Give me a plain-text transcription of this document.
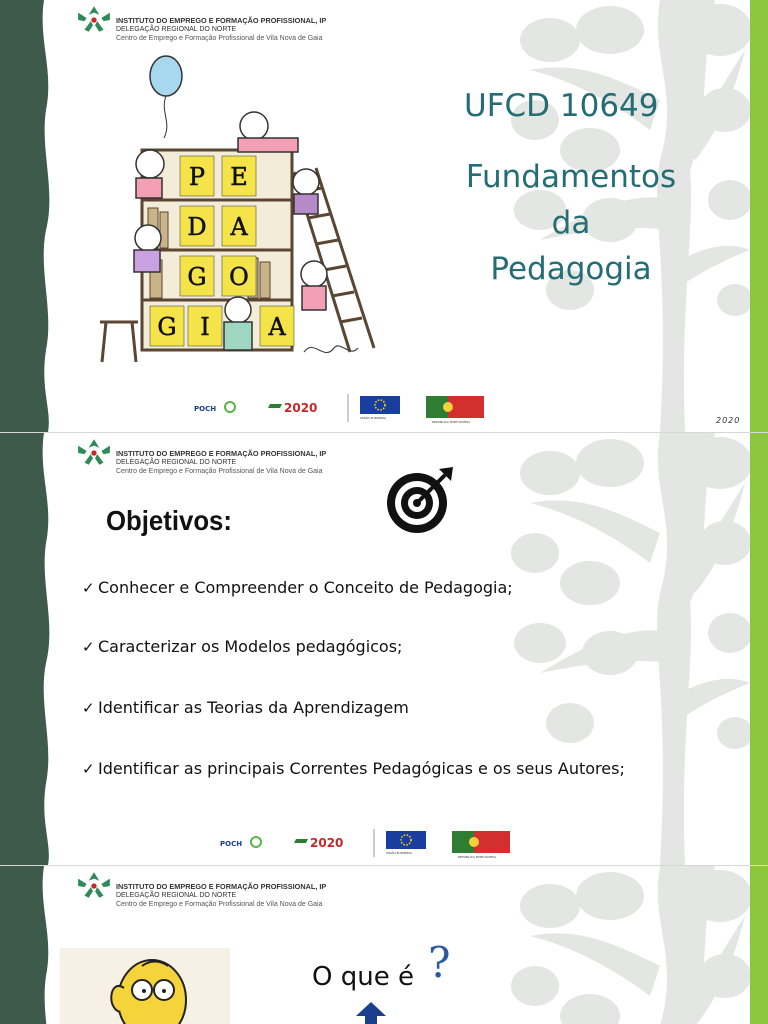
INSTITUTO DO EMPREGO E FORMAÇÃO PROFISSIONAL, IP
DELEGAÇÃO REGIONAL DO NORTE
Centro de Emprego e Formação Profissional de Vila Nova de Gaia
P E
D A
G O
G I A
UFCD 10649
Fundamentos
da
Pedagogia
2020
POCH	2020
UNIÃO EUROPEIA
REPÚBLICA PORTUGUESA
INSTITUTO DO EMPREGO E FORMAÇÃO PROFISSIONAL, IP
DELEGAÇÃO REGIONAL DO NORTE
Centro de Emprego e Formação Profissional de Vila Nova de Gaia
Objetivos:
✓ Conhecer e Compreender o Conceito de Pedagogia;
✓ Caracterizar os Modelos pedagógicos;
✓ Identificar as Teorias da Aprendizagem
✓ Identificar as principais Correntes Pedagógicas e os seus Autores;
POCH	2020
UNIÃO EUROPEIA
REPÚBLICA PORTUGUESA
INSTITUTO DO EMPREGO E FORMAÇÃO PROFISSIONAL, IP
DELEGAÇÃO REGIONAL DO NORTE
Centro de Emprego e Formação Profissional de Vila Nova de Gaia
O que é ?
